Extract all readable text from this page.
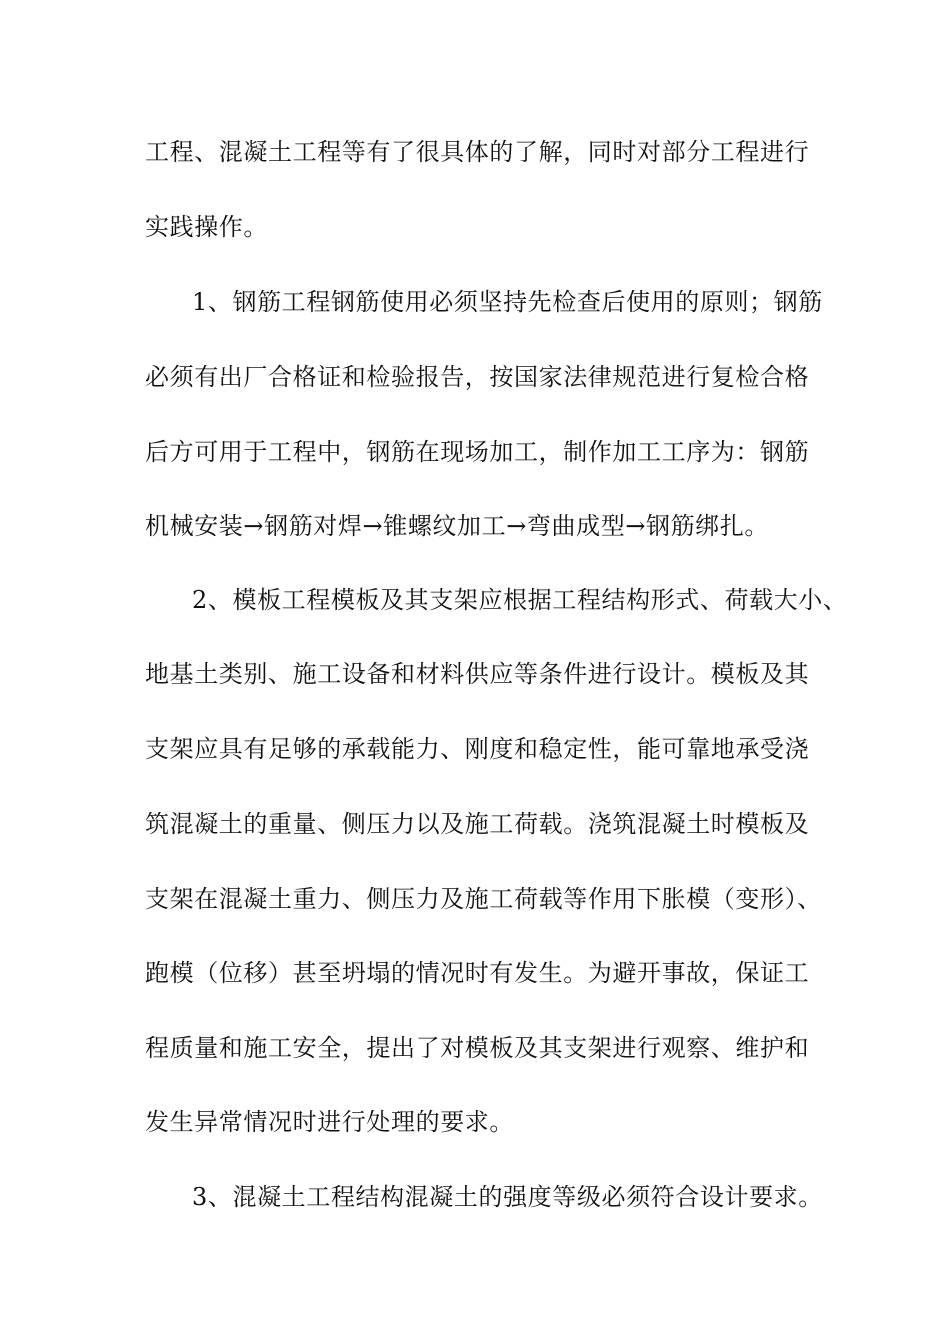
工程、混凝土工程等有了很具体的了解，同时对部分工程进行
实践操作。
1、钢筋工程钢筋使用必须坚持先检查后使用的原则；钢筋
必须有出厂合格证和检验报告，按国家法律规范进行复检合格
后方可用于工程中，钢筋在现场加工，制作加工工序为：钢筋
机械安装→钢筋对焊→锥螺纹加工→弯曲成型→钢筋绑扎。
2、模板工程模板及其支架应根据工程结构形式、荷载大小、
地基土类别、施工设备和材料供应等条件进行设计。模板及其
支架应具有足够的承载能力、刚度和稳定性，能可靠地承受浇
筑混凝土的重量、侧压力以及施工荷载。浇筑混凝土时模板及
支架在混凝土重力、侧压力及施工荷载等作用下胀模（变形）、
跑模（位移）甚至坍塌的情况时有发生。为避开事故，保证工
程质量和施工安全，提出了对模板及其支架进行观察、维护和
发生异常情况时进行处理的要求。
3、混凝土工程结构混凝土的强度等级必须符合设计要求。
